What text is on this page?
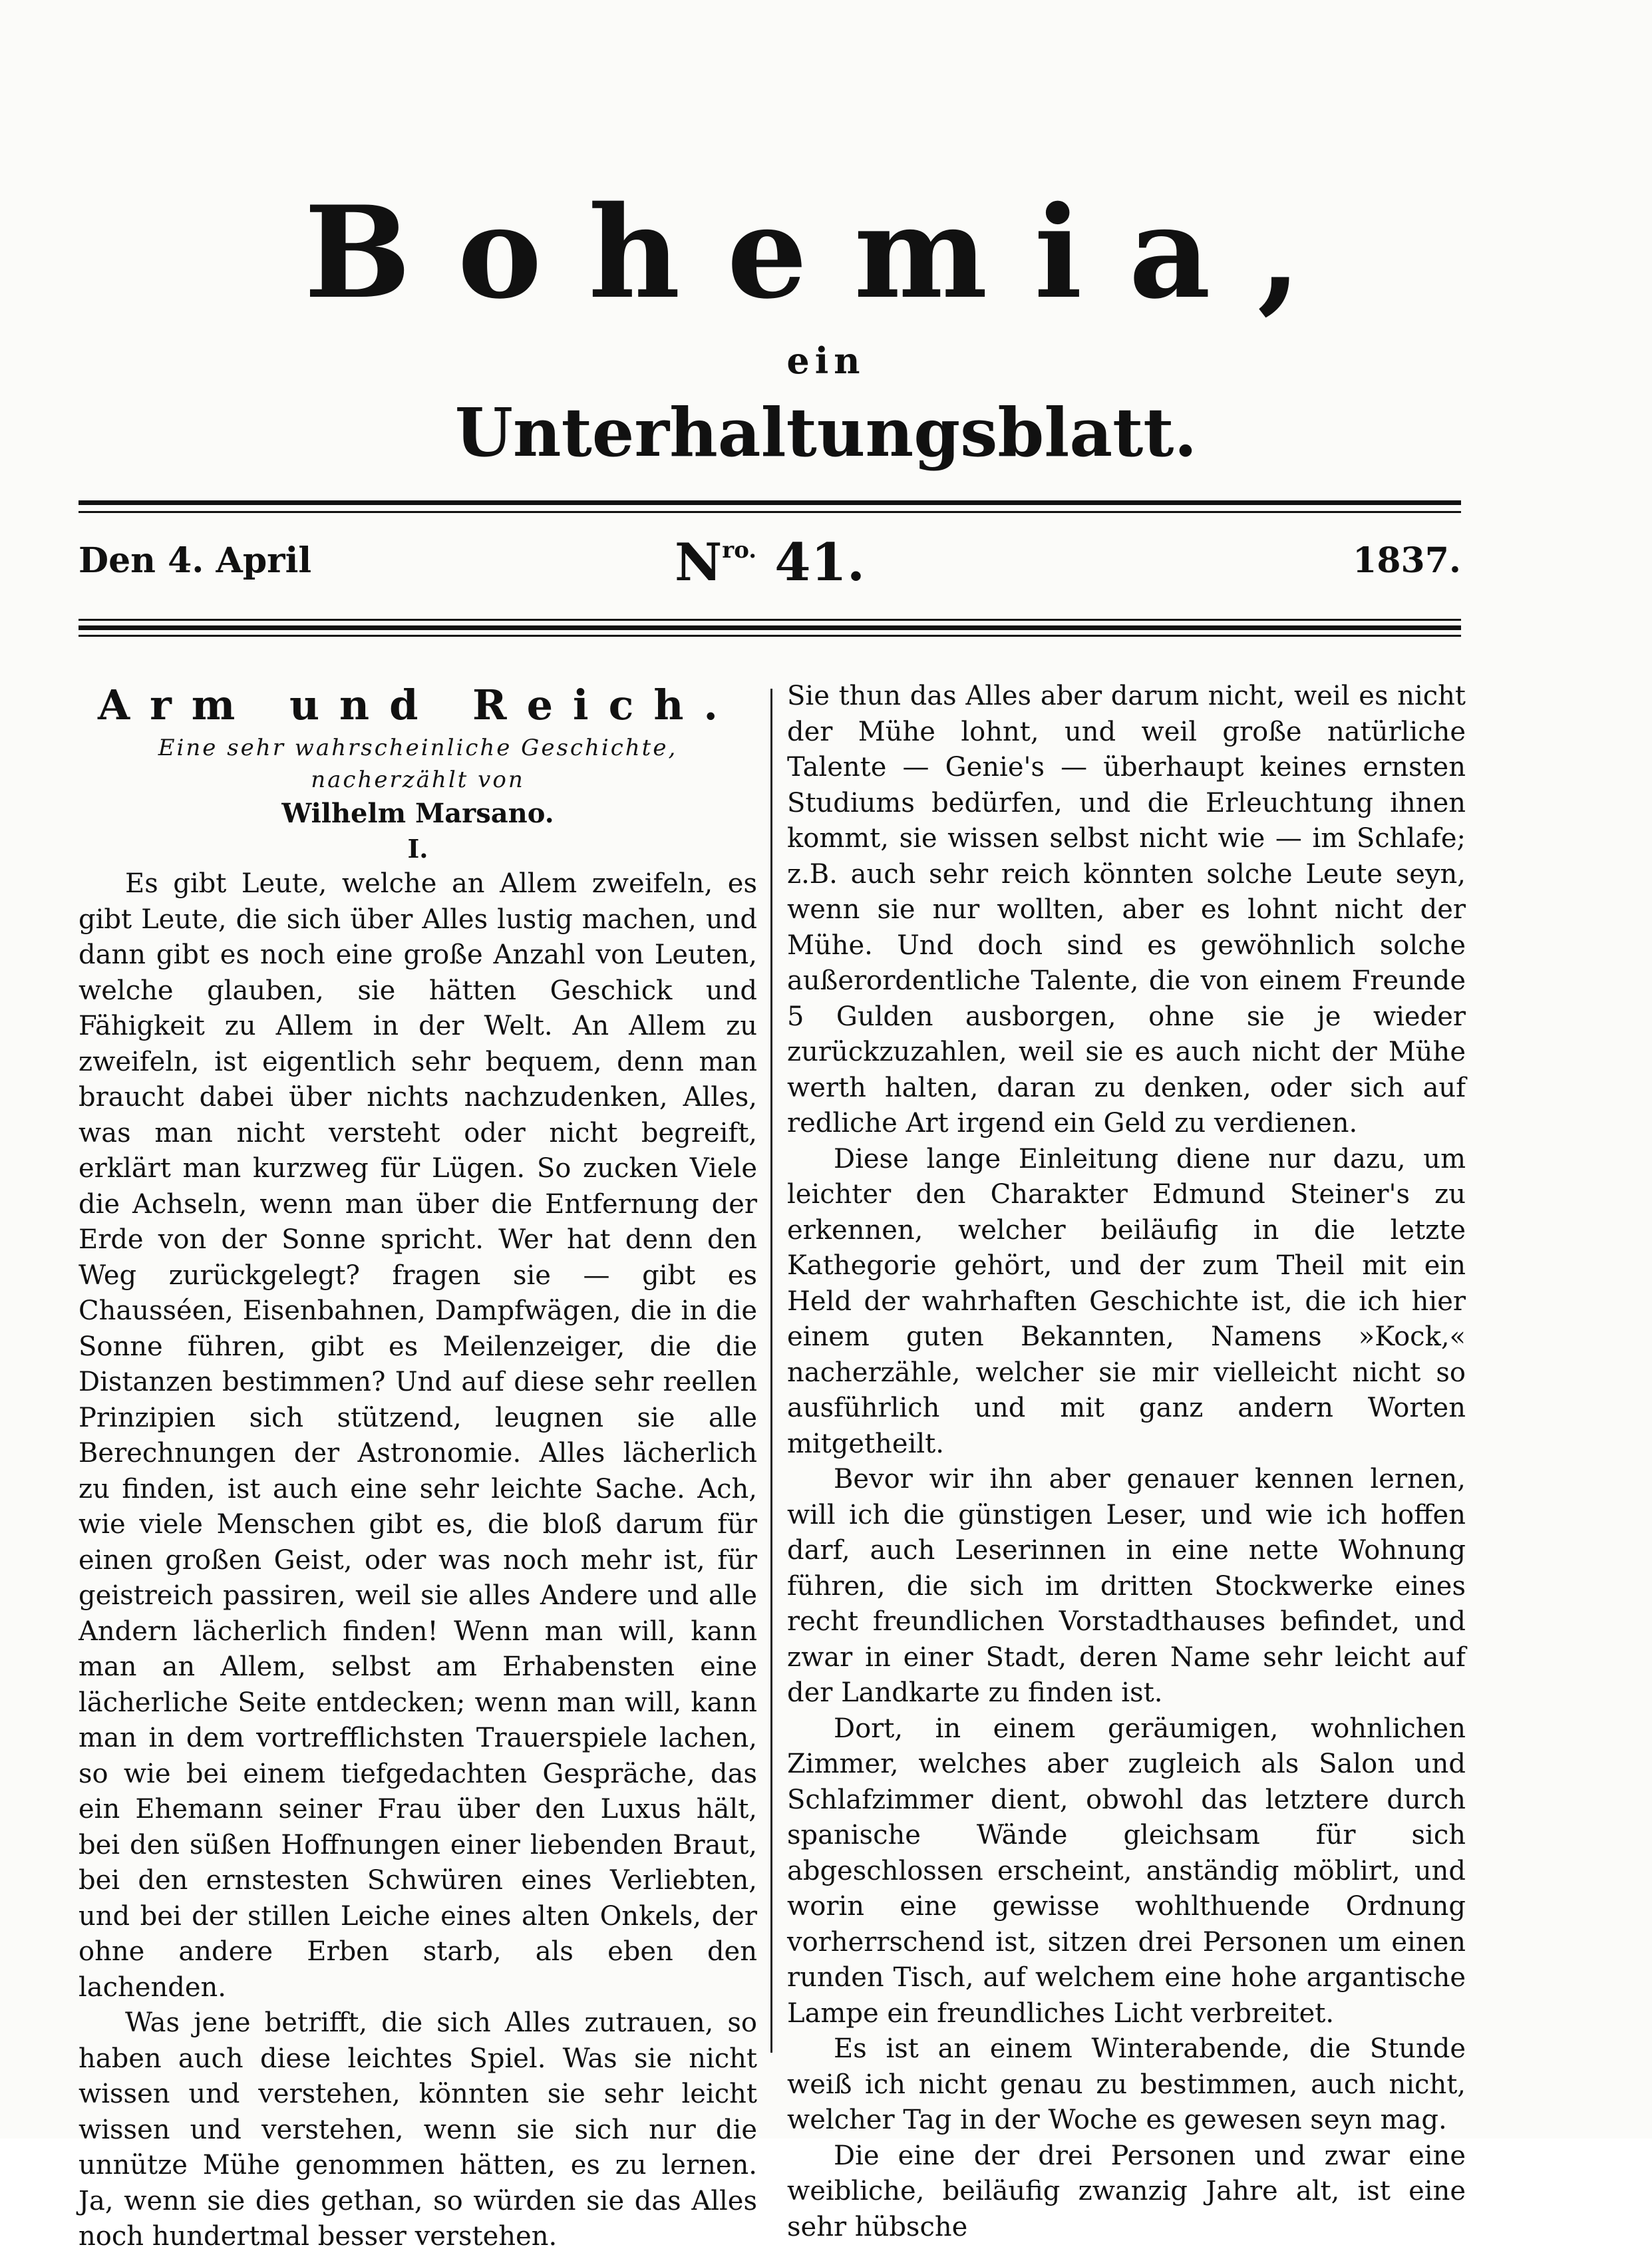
Bohemia,
ein
Unterhaltungsblatt.
Den 4. April	$N^{ro.}$ 41.	1837.

Arm und Reich.

Eine sehr wahrscheinliche Geschichte, nacherzählt von

Wilhelm Marsano.

I.

Es gibt Leute, welche an Allem zweifeln, es gibt Leute, die sich über Alles lustig machen, und dann gibt es noch eine große Anzahl von Leuten, welche glauben, sie hätten Geschick und Fähigkeit zu Allem in der Welt. An Allem zu zweifeln, ist eigentlich sehr bequem, denn man braucht dabei über nichts nachzudenken, Alles, was man nicht versteht oder nicht begreift, erklärt man kurzweg für Lügen. So zucken Viele die Achseln, wenn man über die Entfernung der Erde von der Sonne spricht. Wer hat denn den Weg zurückgelegt? fragen sie — gibt es Chausséen, Eisenbahnen, Dampfwägen, die in die Sonne führen, gibt es Meilenzeiger, die die Distanzen bestimmen? Und auf diese sehr reellen Prinzipien sich stützend, leugnen sie alle Berechnungen der Astronomie. Alles lächerlich zu finden, ist auch eine sehr leichte Sache. Ach, wie viele Menschen gibt es, die bloß darum für einen großen Geist, oder was noch mehr ist, für geistreich passiren, weil sie alles Andere und alle Andern lächerlich finden! Wenn man will, kann man an Allem, selbst am Erhabensten eine lächerliche Seite entdecken; wenn man will, kann man in dem vortrefflichsten Trauerspiele lachen, so wie bei einem tiefgedachten Gespräche, das ein Ehemann seiner Frau über den Luxus hält, bei den süßen Hoffnungen einer liebenden Braut, bei den ernstesten Schwüren eines Verliebten, und bei der stillen Leiche eines alten Onkels, der ohne andere Erben starb, als eben den lachenden.

Was jene betrifft, die sich Alles zutrauen, so haben auch diese leichtes Spiel. Was sie nicht wissen und verstehen, könnten sie sehr leicht wissen und verstehen, wenn sie sich nur die unnütze Mühe genommen hätten, es zu lernen. Ja, wenn sie dies gethan, so würden sie das Alles noch hundertmal besser verstehen.

Sie thun das Alles aber darum nicht, weil es nicht der Mühe lohnt, und weil große natürliche Talente — Genie's — überhaupt keines ernsten Studiums bedürfen, und die Erleuchtung ihnen kommt, sie wissen selbst nicht wie — im Schlafe; z.B. auch sehr reich könnten solche Leute seyn, wenn sie nur wollten, aber es lohnt nicht der Mühe. Und doch sind es gewöhnlich solche außerordentliche Talente, die von einem Freunde 5 Gulden ausborgen, ohne sie je wieder zurückzuzahlen, weil sie es auch nicht der Mühe werth halten, daran zu denken, oder sich auf redliche Art irgend ein Geld zu verdienen.

Diese lange Einleitung diene nur dazu, um leichter den Charakter Edmund Steiner's zu erkennen, welcher beiläufig in die letzte Kathegorie gehört, und der zum Theil mit ein Held der wahrhaften Geschichte ist, die ich hier einem guten Bekannten, Namens »Kock,« nacherzähle, welcher sie mir vielleicht nicht so ausführlich und mit ganz andern Worten mitgetheilt.

Bevor wir ihn aber genauer kennen lernen, will ich die günstigen Leser, und wie ich hoffen darf, auch Leserinnen in eine nette Wohnung führen, die sich im dritten Stockwerke eines recht freundlichen Vorstadthauses befindet, und zwar in einer Stadt, deren Name sehr leicht auf der Landkarte zu finden ist.

Dort, in einem geräumigen, wohnlichen Zimmer, welches aber zugleich als Salon und Schlafzimmer dient, obwohl das letztere durch spanische Wände gleichsam für sich abgeschlossen erscheint, anständig möblirt, und worin eine gewisse wohlthuende Ordnung vorherrschend ist, sitzen drei Personen um einen runden Tisch, auf welchem eine hohe argantische Lampe ein freundliches Licht verbreitet.

Es ist an einem Winterabende, die Stunde weiß ich nicht genau zu bestimmen, auch nicht, welcher Tag in der Woche es gewesen seyn mag.

Die eine der drei Personen und zwar eine weibliche, beiläufig zwanzig Jahre alt, ist eine sehr hübsche
